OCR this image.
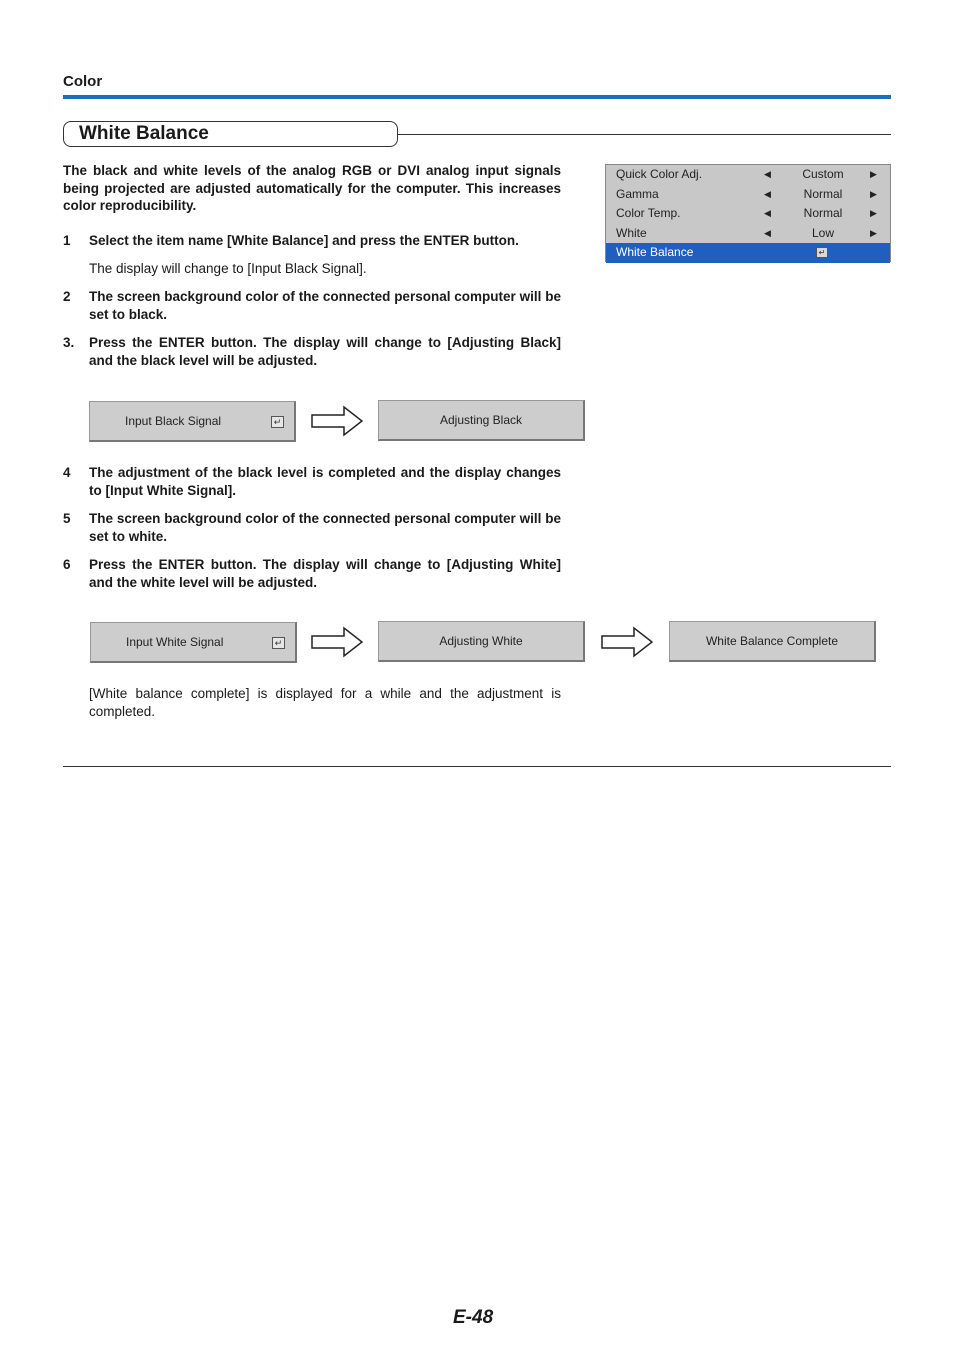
Color
White Balance
The black and white levels of the analog RGB or DVI analog input signals being projected are adjusted automatically for the computer. This increases color reproducibility.
Quick Color Adj.	◀	Custom	▶
Gamma	◀	Normal	▶
Color Temp.	◀	Normal	▶
White	◀	Low	▶
White Balance	↵
1	Select the item name [White Balance] and press the ENTER button.
The display will change to [Input Black Signal].
2	The screen background color of the connected personal computer will be set to black.
3.	Press the ENTER button. The display will change to [Adjusting Black] and the black level will be adjusted.
Input Black Signal	↵	Adjusting Black
4	The adjustment of the black level is completed and the display changes to [Input White Signal].
5	The screen background color of the connected personal computer will be set to white.
6	Press the ENTER button. The display will change to [Adjusting White] and the white level will be adjusted.
Input White Signal	↵	Adjusting White	White Balance Complete
[White balance complete] is displayed for a while and the adjustment is completed.
E-48
